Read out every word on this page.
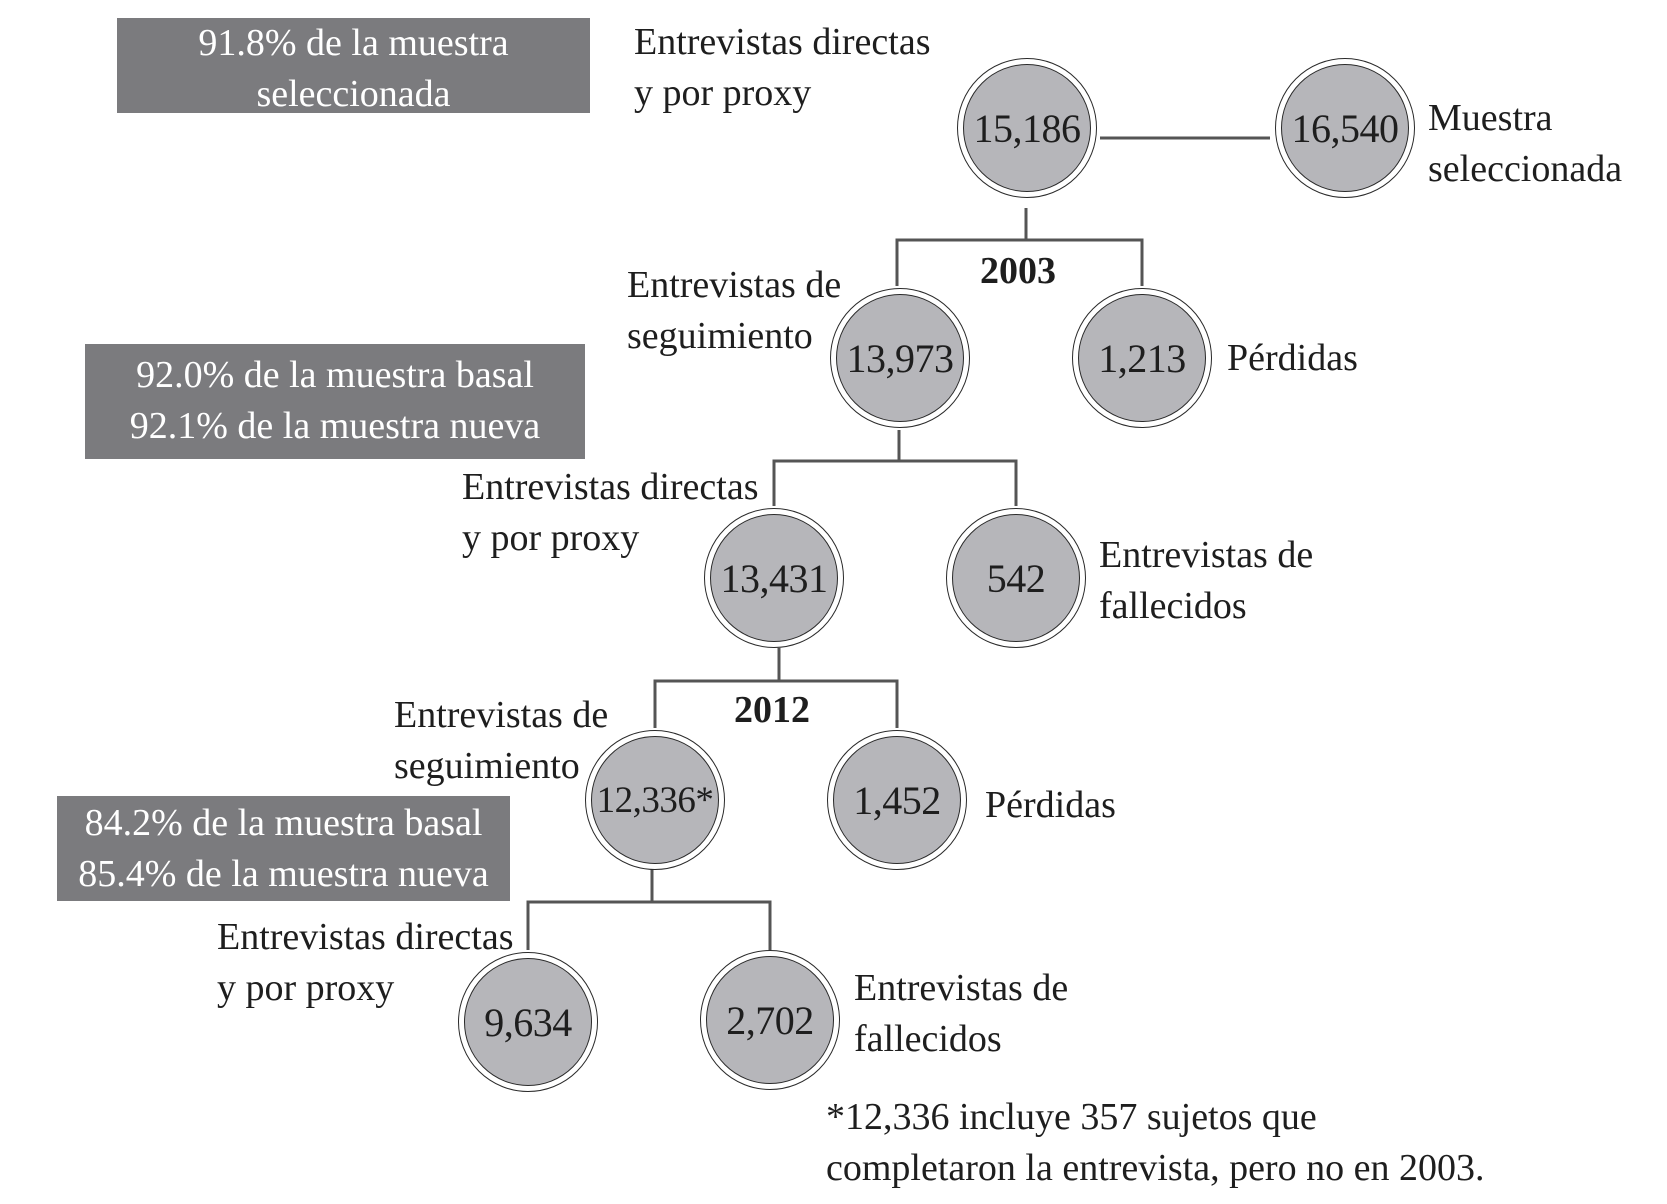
15,186	16,540
13,973	1,213
13,431	542
12,336*	1,452
9,634	2,702
Entrevistas directas
y por proxy
Muestra
seleccionada
Entrevistas de
seguimiento
Pérdidas
Entrevistas directas
y por proxy	Entrevistas de
fallecidos
Entrevistas de
seguimiento
Pérdidas
Entrevistas directas
y por proxy	Entrevistas de
fallecidos
2003
2012
91.8% de la muestra
seleccionada
92.0% de la muestra basal
92.1% de la muestra nueva
84.2% de la muestra basal
85.4% de la muestra nueva
*12,336 incluye 357 sujetos que
completaron la entrevista, pero no en 2003.
